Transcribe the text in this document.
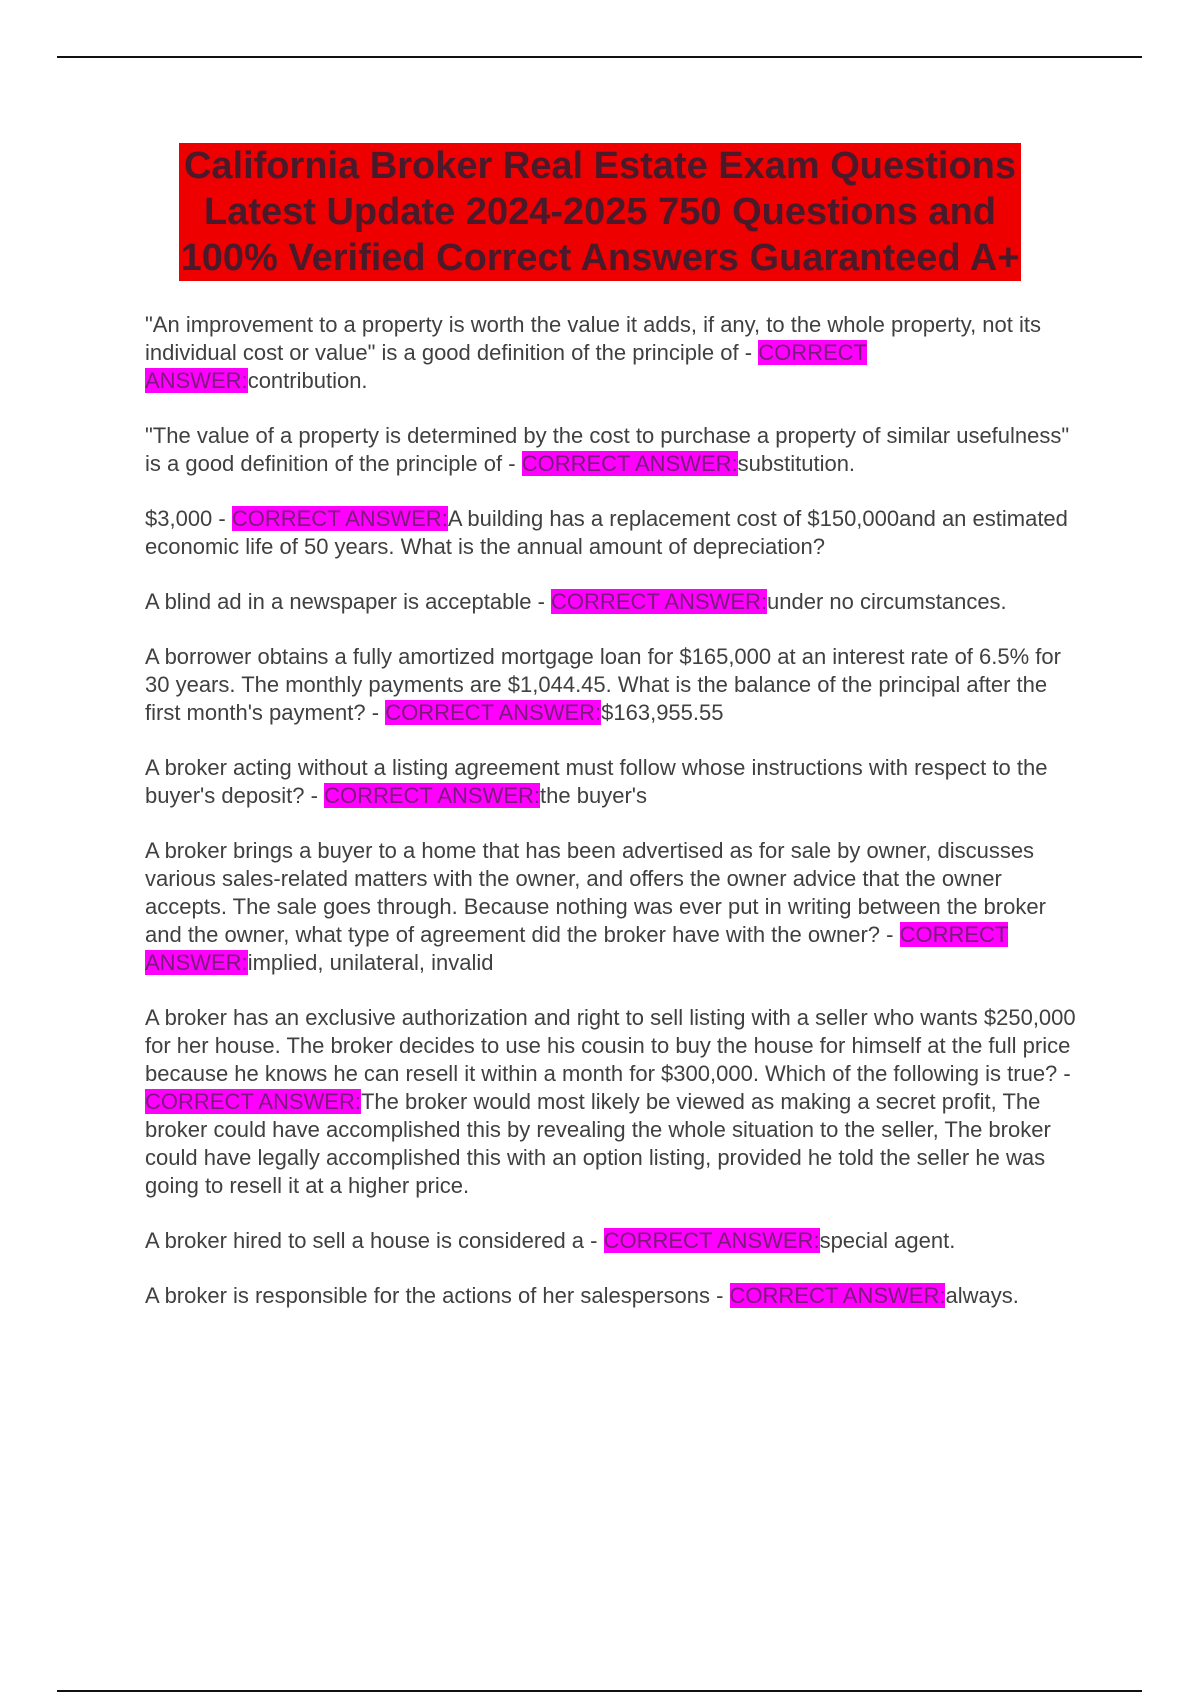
California Broker Real Estate Exam Questions
Latest Update 2024-2025 750 Questions and
100% Verified Correct Answers Guaranteed A+

"An improvement to a property is worth the value it adds, if any, to the whole property, not its individual cost or value" is a good definition of the principle of - CORRECT ANSWER:contribution.

"The value of a property is determined by the cost to purchase a property of similar usefulness" is a good definition of the principle of - CORRECT ANSWER:substitution.

$3,000 - CORRECT ANSWER:A building has a replacement cost of $150,000and an estimated economic life of 50 years. What is the annual amount of depreciation?

A blind ad in a newspaper is acceptable - CORRECT ANSWER:under no circumstances.

A borrower obtains a fully amortized mortgage loan for $165,000 at an interest rate of 6.5% for 30 years. The monthly payments are $1,044.45. What is the balance of the principal after the first month's payment? - CORRECT ANSWER:$163,955.55

A broker acting without a listing agreement must follow whose instructions with respect to the buyer's deposit? - CORRECT ANSWER:the buyer's

A broker brings a buyer to a home that has been advertised as for sale by owner, discusses various sales-related matters with the owner, and offers the owner advice that the owner accepts. The sale goes through. Because nothing was ever put in writing between the broker and the owner, what type of agreement did the broker have with the owner? - CORRECT ANSWER:implied, unilateral, invalid

A broker has an exclusive authorization and right to sell listing with a seller who wants $250,000 for her house. The broker decides to use his cousin to buy the house for himself at the full price because he knows he can resell it within a month for $300,000. Which of the following is true? - CORRECT ANSWER:The broker would most likely be viewed as making a secret profit, The broker could have accomplished this by revealing the whole situation to the seller, The broker could have legally accomplished this with an option listing, provided he told the seller he was going to resell it at a higher price.

A broker hired to sell a house is considered a - CORRECT ANSWER:special agent.

A broker is responsible for the actions of her salespersons - CORRECT ANSWER:always.
